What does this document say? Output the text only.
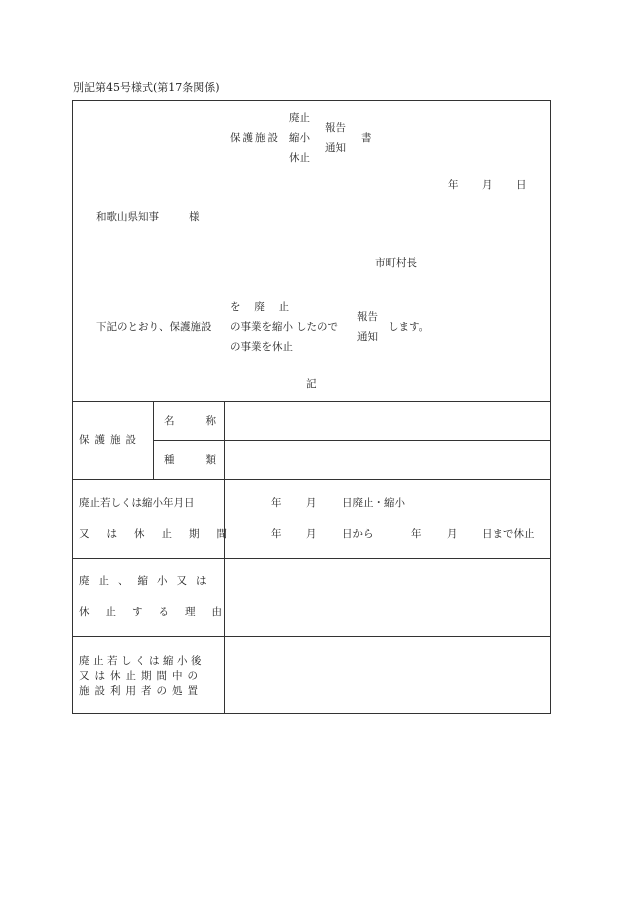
別記第45号様式(第17条関係)
廃止
縮小
休止
保護施設
報告
通知
書
年 月 日
和歌山県知事	様
市町村長
下記のとおり、保護施設
を　 廃　 止
の事業を縮小
の事業を休止
したので
報告
通知
します。
記
保護施設
名称
種類
廃止若しくは縮小年月日
又は休止期間
年 月 日廃止・縮小
年 月 日から	年 月 日まで休止
廃止、縮小又は
休止する理由
廃止若しくは縮小後
又は休止期間中の
施設利用者の処置
